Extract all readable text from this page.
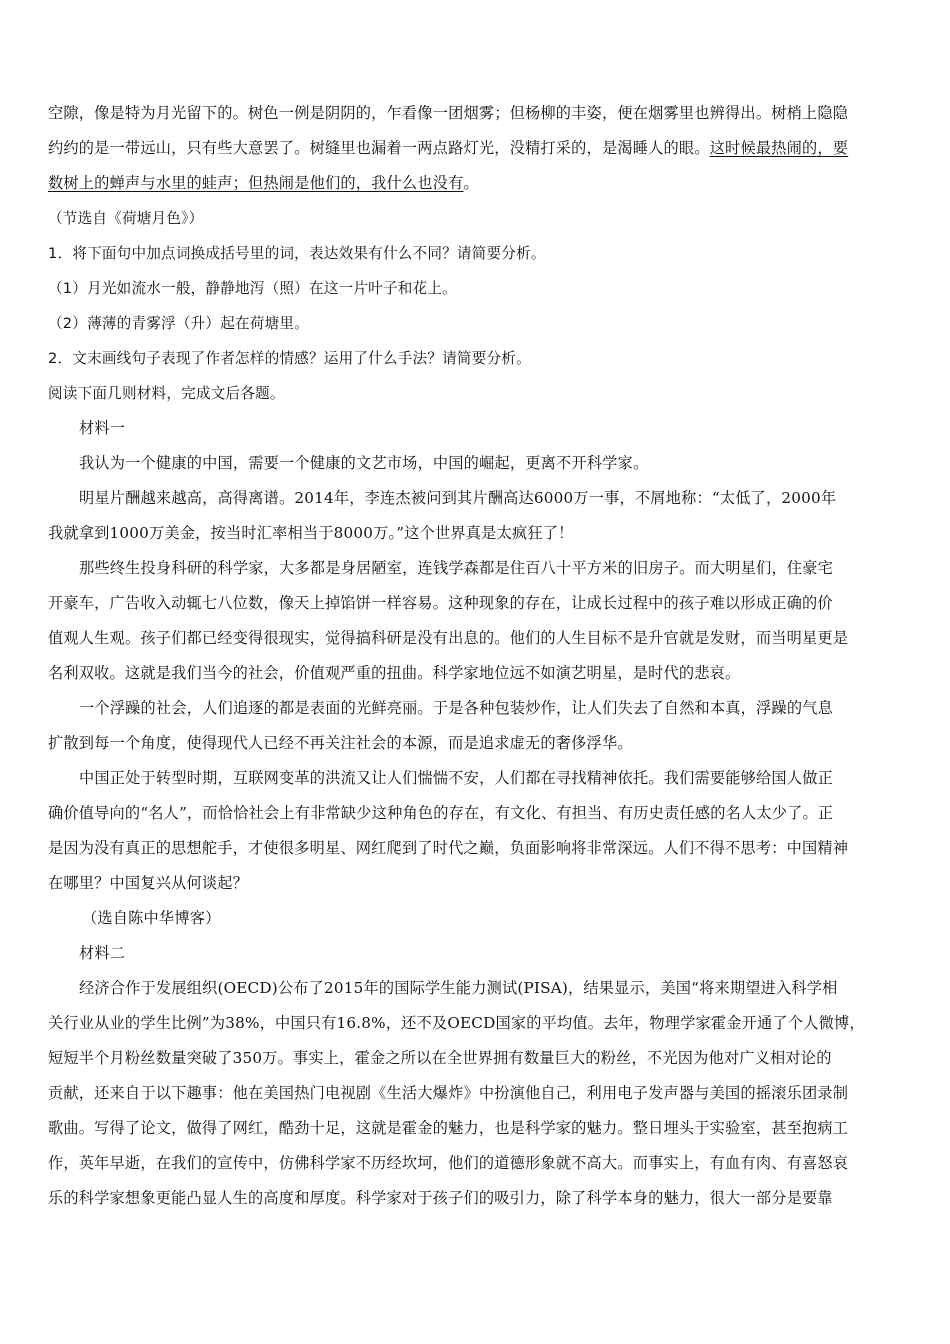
空隙，像是特为月光留下的。树色一例是阴阴的，乍看像一团烟雾；但杨柳的丰姿，便在烟雾里也辨得出。树梢上隐隐
约约的是一带远山，只有些大意罢了。树缝里也漏着一两点路灯光，没精打采的，是渴睡人的眼。这时候最热闹的，要
数树上的蝉声与水里的蛙声；但热闹是他们的，我什么也没有。
（节选自《荷塘月色》）
1．将下面句中加点词换成括号里的词，表达效果有什么不同？请简要分析。
（1）月光如流水一般，静静地泻（照）在这一片叶子和花上。
（2）薄薄的青雾浮（升）起在荷塘里。
2．文末画线句子表现了作者怎样的情感？运用了什么手法？请简要分析。
阅读下面几则材料，完成文后各题。
材料一
我认为一个健康的中国，需要一个健康的文艺市场，中国的崛起，更离不开科学家。
明星片酬越来越高，高得离谱。2014年，李连杰被问到其片酬高达6000万一事，不屑地称：“太低了，2000年
我就拿到1000万美金，按当时汇率相当于8000万。”这个世界真是太疯狂了！
那些终生投身科研的科学家，大多都是身居陋室，连钱学森都是住百八十平方米的旧房子。而大明星们，住豪宅
开豪车，广告收入动辄七八位数，像天上掉馅饼一样容易。这种现象的存在，让成长过程中的孩子难以形成正确的价
值观人生观。孩子们都已经变得很现实，觉得搞科研是没有出息的。他们的人生目标不是升官就是发财，而当明星更是
名利双收。这就是我们当今的社会，价值观严重的扭曲。科学家地位远不如演艺明星，是时代的悲哀。
一个浮躁的社会，人们追逐的都是表面的光鲜亮丽。于是各种包装炒作，让人们失去了自然和本真，浮躁的气息
扩散到每一个角度，使得现代人已经不再关注社会的本源，而是追求虚无的奢侈浮华。
中国正处于转型时期，互联网变革的洪流又让人们惴惴不安，人们都在寻找精神依托。我们需要能够给国人做正
确价值导向的“名人”，而恰恰社会上有非常缺少这种角色的存在，有文化、有担当、有历史责任感的名人太少了。正
是因为没有真正的思想舵手，才使很多明星、网红爬到了时代之巅，负面影响将非常深远。人们不得不思考：中国精神
在哪里？中国复兴从何谈起？
（选自陈中华博客）
材料二
经济合作于发展组织(OECD)公布了2015年的国际学生能力测试(PISA)，结果显示，美国“将来期望进入科学相
关行业从业的学生比例”为38%，中国只有16.8%，还不及OECD国家的平均值。去年，物理学家霍金开通了个人微博，
短短半个月粉丝数量突破了350万。事实上，霍金之所以在全世界拥有数量巨大的粉丝，不光因为他对广义相对论的
贡献，还来自于以下趣事：他在美国热门电视剧《生活大爆炸》中扮演他自己，利用电子发声器与美国的摇滚乐团录制
歌曲。写得了论文，做得了网红，酷劲十足，这就是霍金的魅力，也是科学家的魅力。整日埋头于实验室，甚至抱病工
作，英年早逝，在我们的宣传中，仿佛科学家不历经坎坷，他们的道德形象就不高大。而事实上，有血有肉、有喜怒哀
乐的科学家想象更能凸显人生的高度和厚度。科学家对于孩子们的吸引力，除了科学本身的魅力，很大一部分是要靠
